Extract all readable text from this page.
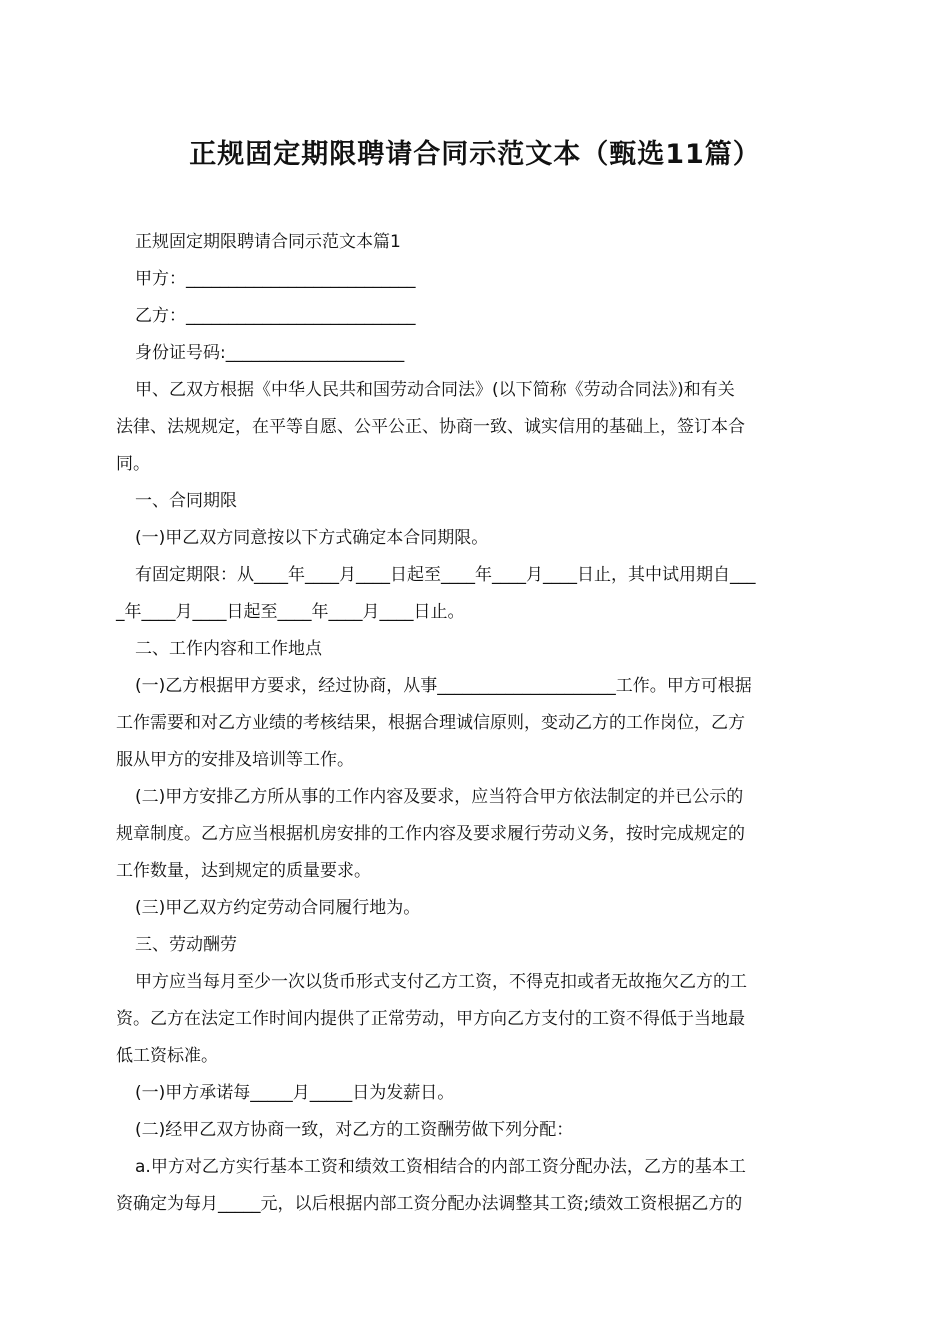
正规固定期限聘请合同示范文本（甄选11篇）

正规固定期限聘请合同示范文本篇1

甲方：___________________________

乙方：___________________________

身份证号码:_____________________

甲、乙双方根据《中华人民共和国劳动合同法》(以下简称《劳动合同法》)和有关
法律、法规规定，在平等自愿、公平公正、协商一致、诚实信用的基础上，签订本合
同。

一、合同期限

(一)甲乙双方同意按以下方式确定本合同期限。

有固定期限：从____年____月____日起至____年____月____日止，其中试用期自___
_年____月____日起至____年____月____日止。

二、工作内容和工作地点

(一)乙方根据甲方要求，经过协商，从事_____________________工作。甲方可根据
工作需要和对乙方业绩的考核结果，根据合理诚信原则，变动乙方的工作岗位，乙方
服从甲方的安排及培训等工作。

(二)甲方安排乙方所从事的工作内容及要求，应当符合甲方依法制定的并已公示的
规章制度。乙方应当根据机房安排的工作内容及要求履行劳动义务，按时完成规定的
工作数量，达到规定的质量要求。

(三)甲乙双方约定劳动合同履行地为。

三、劳动酬劳

甲方应当每月至少一次以货币形式支付乙方工资，不得克扣或者无故拖欠乙方的工
资。乙方在法定工作时间内提供了正常劳动，甲方向乙方支付的工资不得低于当地最
低工资标准。

(一)甲方承诺每_____月_____日为发薪日。

(二)经甲乙双方协商一致，对乙方的工资酬劳做下列分配：

a.甲方对乙方实行基本工资和绩效工资相结合的内部工资分配办法，乙方的基本工
资确定为每月_____元，以后根据内部工资分配办法调整其工资;绩效工资根据乙方的
